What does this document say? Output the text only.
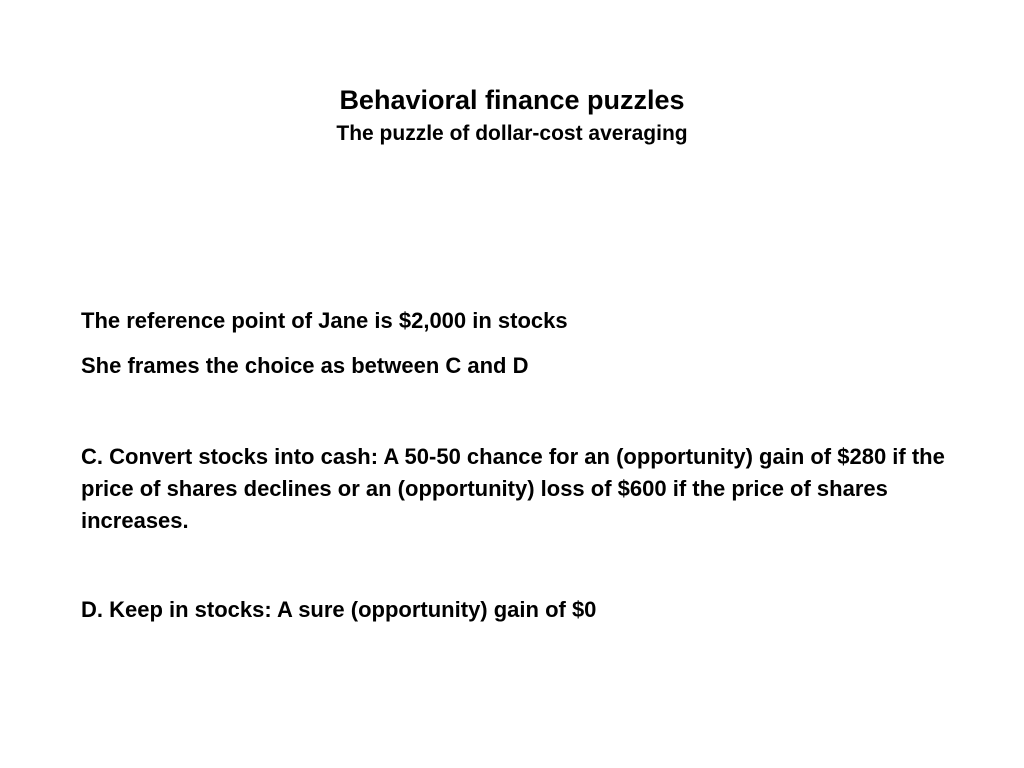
Behavioral finance puzzles
The puzzle of dollar-cost averaging
The reference point of Jane is $2,000 in stocks
She frames the choice as between C and D
C. Convert stocks into cash: A 50-50 chance for an (opportunity) gain of $280 if the price of shares declines or an (opportunity) loss of $600 if the price of shares increases.
D. Keep in stocks: A sure (opportunity) gain of $0
